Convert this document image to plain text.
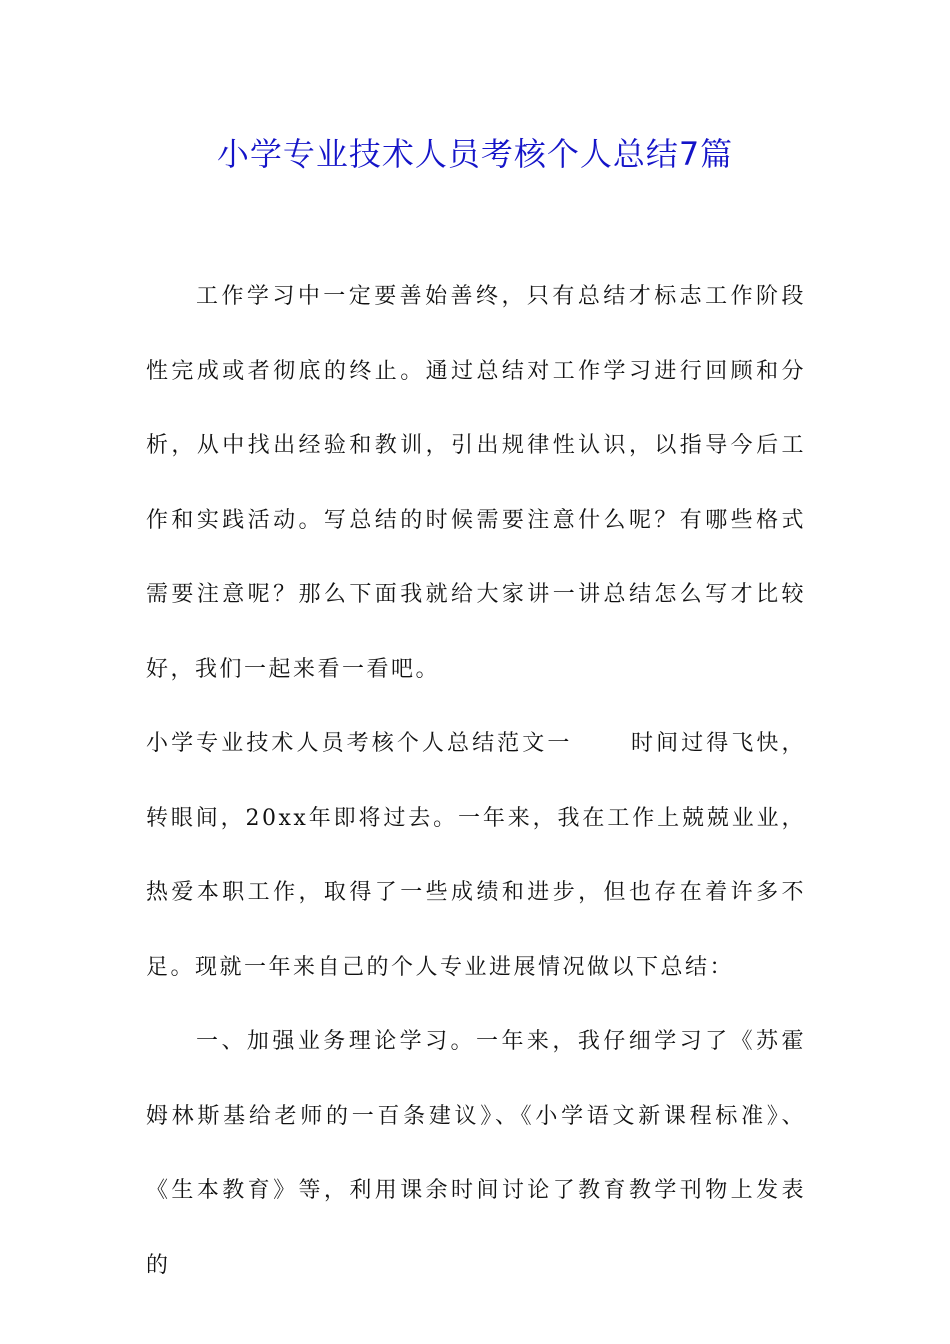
小学专业技术人员考核个人总结7篇

工作学习中一定要善始善终，只有总结才标志工作阶段性完成或者彻底的终止。通过总结对工作学习进行回顾和分析，从中找出经验和教训，引出规律性认识，以指导今后工作和实践活动。写总结的时候需要注意什么呢？有哪些格式需要注意呢？那么下面我就给大家讲一讲总结怎么写才比较好，我们一起来看一看吧。

小学专业技术人员考核个人总结范文一	时间过得飞快，转眼间，20xx年即将过去。一年来，我在工作上兢兢业业，热爱本职工作，取得了一些成绩和进步，但也存在着许多不足。现就一年来自己的个人专业进展情况做以下总结：

一、加强业务理论学习。一年来，我仔细学习了《苏霍姆林斯基给老师的一百条建议》、《小学语文新课程标准》、《生本教育》等，利用课余时间讨论了教育教学刊物上发表的
